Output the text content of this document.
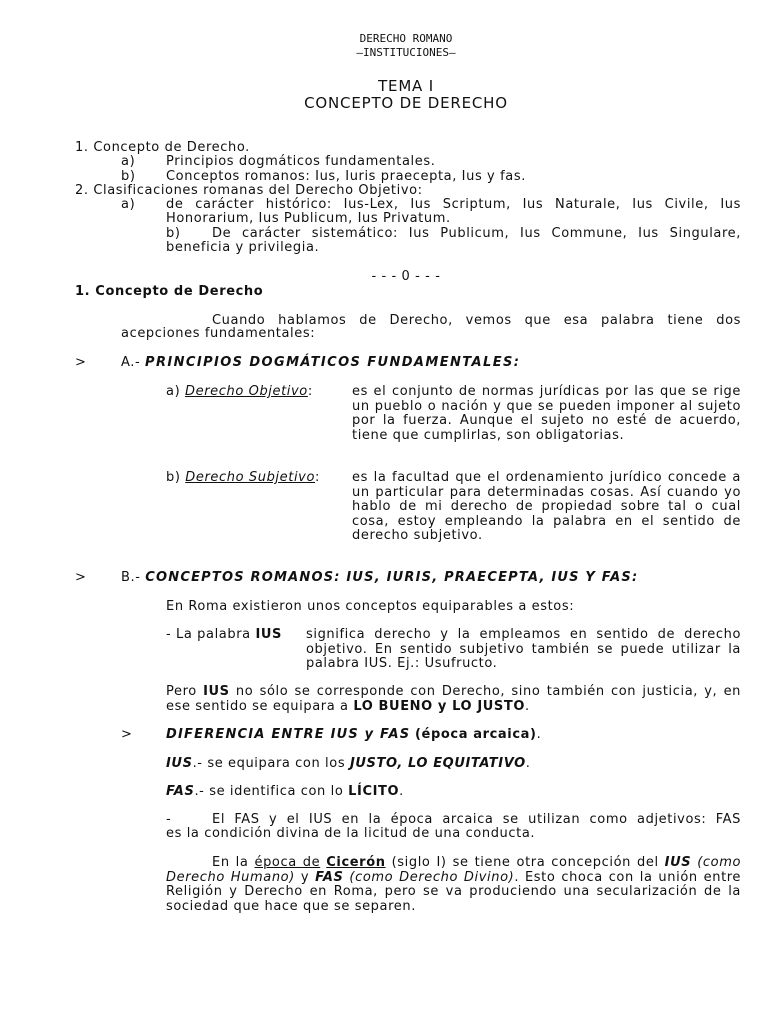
DERECHO ROMANO
–INSTITUCIONES–
TEMA I
CONCEPTO DE DERECHO
1. Concepto de Derecho.
a) Principios dogmáticos fundamentales.
b) Conceptos romanos: Ius, Iuris praecepta, Ius y fas.
2. Clasificaciones romanas del Derecho Objetivo:
a) de carácter histórico: Ius-Lex, Ius Scriptum, Ius Naturale, Ius Civile, Ius
Honorarium, Ius Publicum, Ius Privatum.
b) De carácter sistemático: Ius Publicum, Ius Commune, Ius Singulare,
beneficia y privilegia.
- - - 0 - - -
1. Concepto de Derecho
Cuando hablamos de Derecho, vemos que esa palabra tiene dos
acepciones fundamentales:
>	A.- PRINCIPIOS DOGMÁTICOS FUNDAMENTALES:
a) Derecho Objetivo:	es el conjunto de normas jurídicas por las que se rige un pueblo o nación y que se pueden imponer al sujeto por la fuerza. Aunque el sujeto no esté de acuerdo, tiene que cumplirlas, son obligatorias.
b) Derecho Subjetivo: es la facultad que el ordenamiento jurídico concede a un particular para determinadas cosas. Así cuando yo hablo de mi derecho de propiedad sobre tal o cual cosa, estoy empleando la palabra en el sentido de derecho subjetivo.
>	B.- CONCEPTOS ROMANOS: IUS, IURIS, PRAECEPTA, IUS Y FAS:
En Roma existieron unos conceptos equiparables a estos:
- La palabra IUS significa derecho y la empleamos en sentido de derecho objetivo. En sentido subjetivo también se puede utilizar la palabra IUS. Ej.: Usufructo.
Pero IUS no sólo se corresponde con Derecho, sino también con justicia, y, en ese sentido se equipara a LO BUENO y LO JUSTO.
>	DIFERENCIA ENTRE IUS y FAS (época arcaica).
IUS.- se equipara con los JUSTO, LO EQUITATIVO.
FAS.- se identifica con lo LÍCITO.
-	El FAS y el IUS en la época arcaica se utilizan como adjetivos: FAS
es la condición divina de la licitud de una conducta.
En la época de Cicerón (siglo I) se tiene otra concepción del IUS (como Derecho Humano) y FAS (como Derecho Divino). Esto choca con la unión entre Religión y Derecho en Roma, pero se va produciendo una secularización de la sociedad que hace que se separen.
